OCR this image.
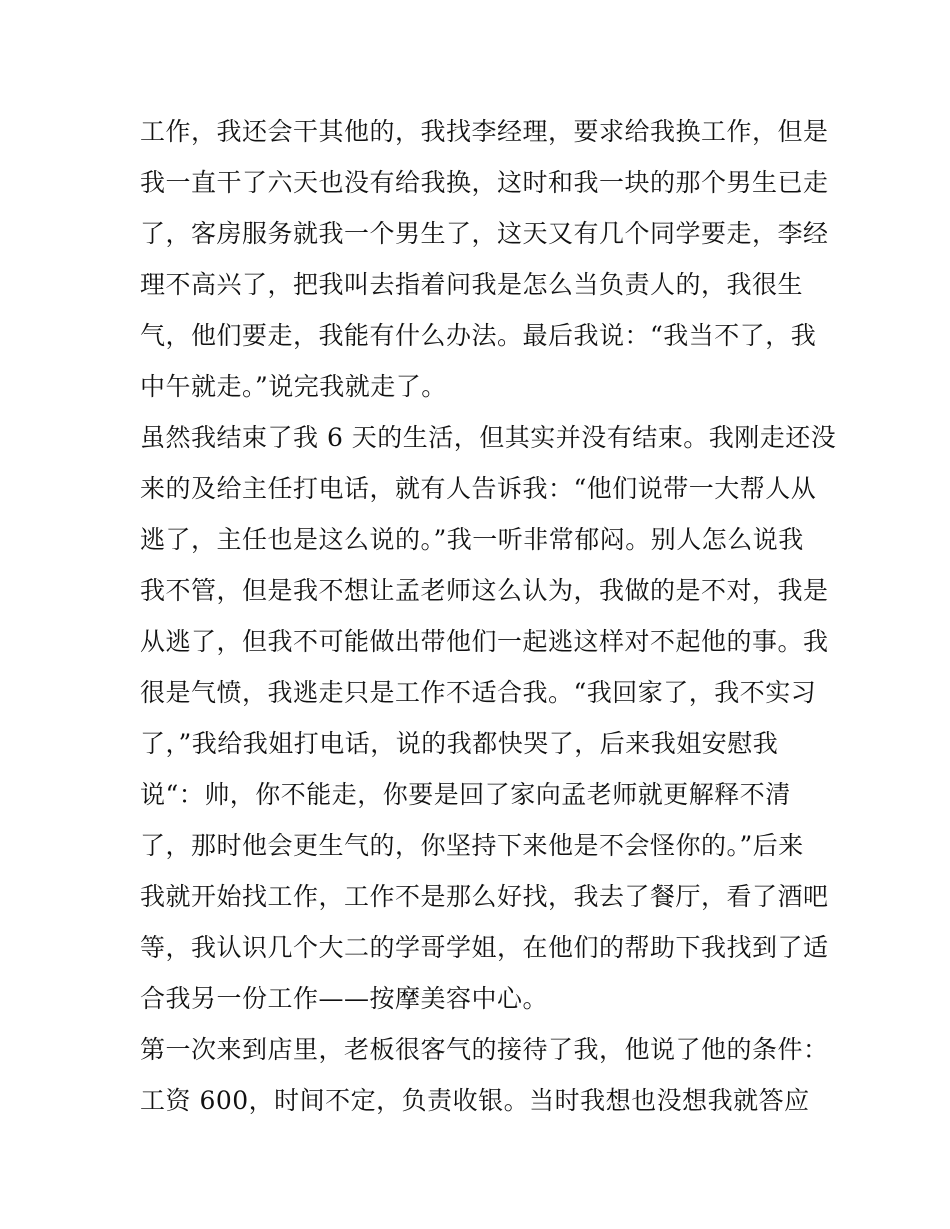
工作，我还会干其他的，我找李经理，要求给我换工作，但是
我一直干了六天也没有给我换，这时和我一块的那个男生已走
了，客房服务就我一个男生了，这天又有几个同学要走，李经
理不高兴了，把我叫去指着问我是怎么当负责人的，我很生
气，他们要走，我能有什么办法。最后我说：“我当不了，我
中午就走。”说完我就走了。
虽然我结束了我 6 天的生活，但其实并没有结束。我刚走还没
来的及给主任打电话，就有人告诉我：“他们说带一大帮人从
逃了，主任也是这么说的。”我一听非常郁闷。别人怎么说我
我不管，但是我不想让孟老师这么认为，我做的是不对，我是
从逃了，但我不可能做出带他们一起逃这样对不起他的事。我
很是气愤，我逃走只是工作不适合我。“我回家了，我不实习
了，”我给我姐打电话，说的我都快哭了，后来我姐安慰我
说“：帅，你不能走，你要是回了家向孟老师就更解释不清
了，那时他会更生气的，你坚持下来他是不会怪你的。”后来
我就开始找工作，工作不是那么好找，我去了餐厅，看了酒吧
等，我认识几个大二的学哥学姐，在他们的帮助下我找到了适
合我另一份工作——按摩美容中心。
第一次来到店里，老板很客气的接待了我，他说了他的条件：
工资 600，时间不定，负责收银。当时我想也没想我就答应
